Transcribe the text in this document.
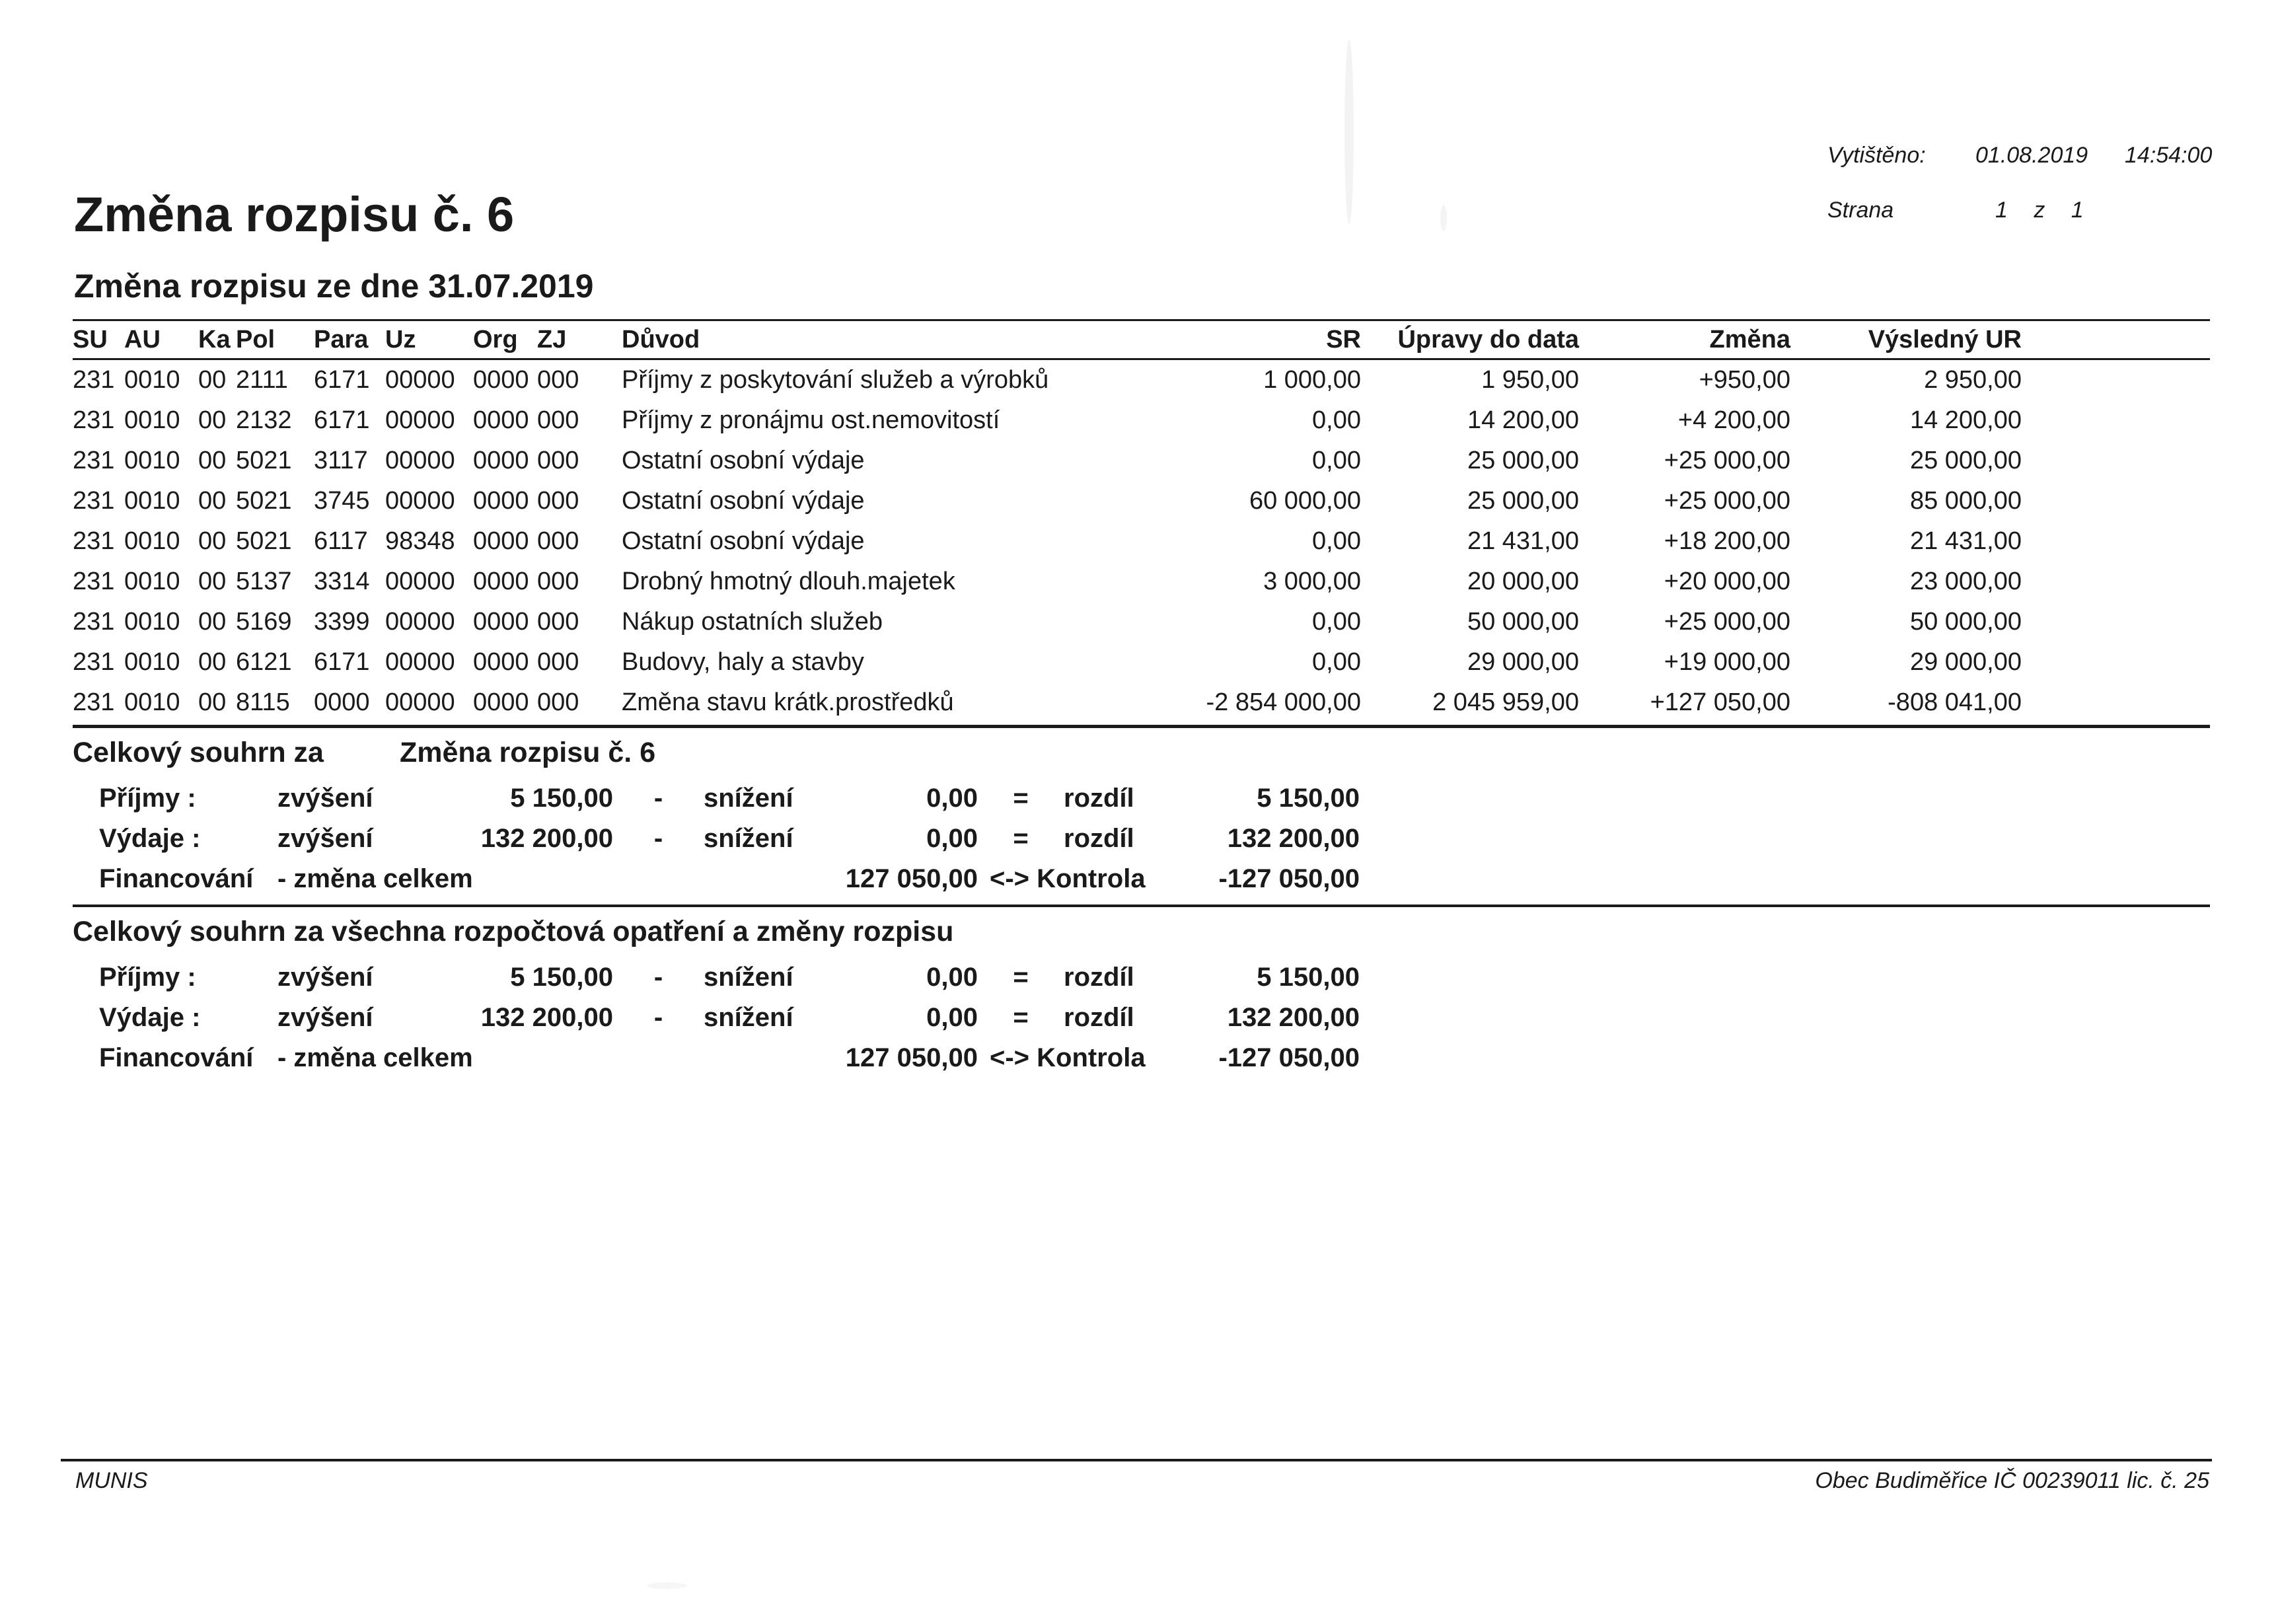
Vytištěno:	01.08.2019	14:54:00
Strana	1 z 1
Změna rozpisu č. 6
Změna rozpisu ze dne 31.07.2019
SU AU	Ka Pol	Para Uz	Org ZJ	Důvod	SR	Úpravy do data	Změna	Výsledný UR
231 0010 00 2111	6171 00000 0000 000	Příjmy z poskytování služeb a výrobků	1 000,00	1 950,00	+950,00	2 950,00
231 0010 00 2132 6171 00000 0000 000	Příjmy z pronájmu ost.nemovitostí	0,00	14 200,00	+4 200,00	14 200,00
231 0010 00 5021 3117 00000 0000 000	Ostatní osobní výdaje	0,00	25 000,00	+25 000,00	25 000,00
231 0010 00 5021 3745 00000 0000 000	Ostatní osobní výdaje	60 000,00	25 000,00	+25 000,00	85 000,00
231 0010 00 5021 6117 98348 0000 000	Ostatní osobní výdaje	0,00	21 431,00	+18 200,00	21 431,00
231 0010 00 5137 3314 00000 0000 000	Drobný hmotný dlouh.majetek	3 000,00	20 000,00	+20 000,00	23 000,00
231 0010 00 5169 3399 00000 0000 000	Nákup ostatních služeb	0,00	50 000,00	+25 000,00	50 000,00
231 0010 00 6121 6171 00000 0000 000	Budovy, haly a stavby	0,00	29 000,00	+19 000,00	29 000,00
231 0010 00 8115 0000 00000 0000 000	Změna stavu krátk.prostředků	-2 854 000,00	2 045 959,00	+127 050,00	-808 041,00
Celkový souhrn za	Změna rozpisu č. 6
Příjmy :	zvýšení	5 150,00	-	snížení	0,00	=	rozdíl	5 150,00
Výdaje :	zvýšení	132 200,00	-	snížení	0,00	=	rozdíl	132 200,00
Financování - změna celkem	127 050,00 <-> Kontrola	-127 050,00
Celkový souhrn za všechna rozpočtová opatření a změny rozpisu
Příjmy :	zvýšení	5 150,00	-	snížení	0,00	=	rozdíl	5 150,00
Výdaje :	zvýšení	132 200,00	-	snížení	0,00	=	rozdíl	132 200,00
Financování - změna celkem	127 050,00 <-> Kontrola	-127 050,00
MUNIS	Obec Budiměřice IČ 00239011 lic. č. 25
